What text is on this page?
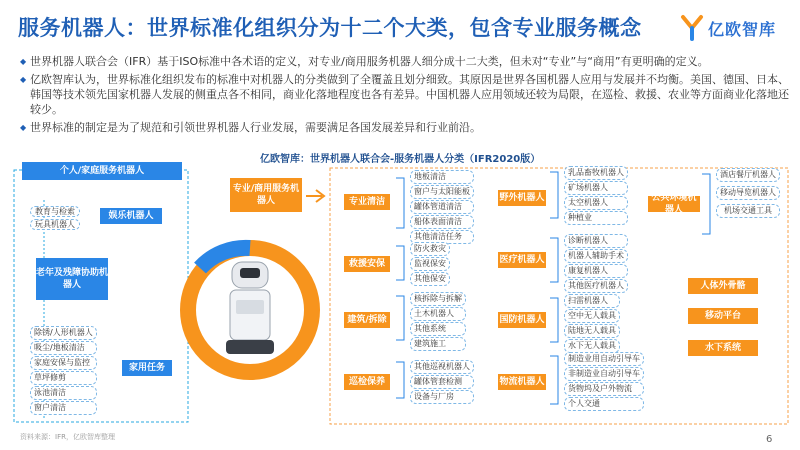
服务机器人：世界标准化组织分为十二个大类，包含专业服务概念	亿欧智库
◆ 世界机器人联合会（IFR）基于ISO标准中各术语的定义，对专业/商用服务机器人细分成十二大类，但未对“专业”与“商用”有更明确的定义。
◆ 亿欧智库认为，世界标准化组织发布的标准中对机器人的分类做到了全覆盖且划分细致。其原因是世界各国机器人应用与发展并不均衡。美国、德国、日本、韩国等技术领先国家机器人发展的侧重点各不相同，商业化落地程度也各有差异。中国机器人应用领域还较为局限，在巡检、救援、农业等方面商业化落地还较少。
◆ 世界标准的制定是为了规范和引领世界机器人行业发展，需要满足各国发展差异和行业前沿。
亿欧智库：世界机器人联合会-服务机器人分类（IFR2020版）
个人/家庭服务机器人
教育与检索
玩具机器人
娱乐机器人
老年及残障协助机器人
除锈/人形机器人
吸尘/地板清洁
家庭安保与监控
草坪修剪
泳池清洁
窗户清洁
家用任务
专业/商用服务机器人	专业清洁
地板清洁
窗户与太阳能板
罐体管道清洁
船体表面清洁
其他清洁任务
救援安保
防火救灾
监视保安
其他保安
建筑/拆除
核拆除与拆解
土木机器人
其他系统
建筑施工
巡检保养
其他巡视机器人
罐体管套检测
设备与厂房
野外机器人
乳品畜牧机器人
矿场机器人
太空机器人
种植业
医疗机器人
诊断机器人
机器人辅助手术
康复机器人
其他医疗机器人
国防机器人
扫雷机器人
空中无人载具
陆地无人载具
水下无人载具
物流机器人
制造业用自动引导车
非制造业自动引导车
货物坞及户外物流
个人交通
公共环境机器人
酒店餐厅机器人
移动导览机器人
机场交通工具
人体外骨骼
移动平台
水下系统
资料来源：IFR，亿欧智库整理	6
